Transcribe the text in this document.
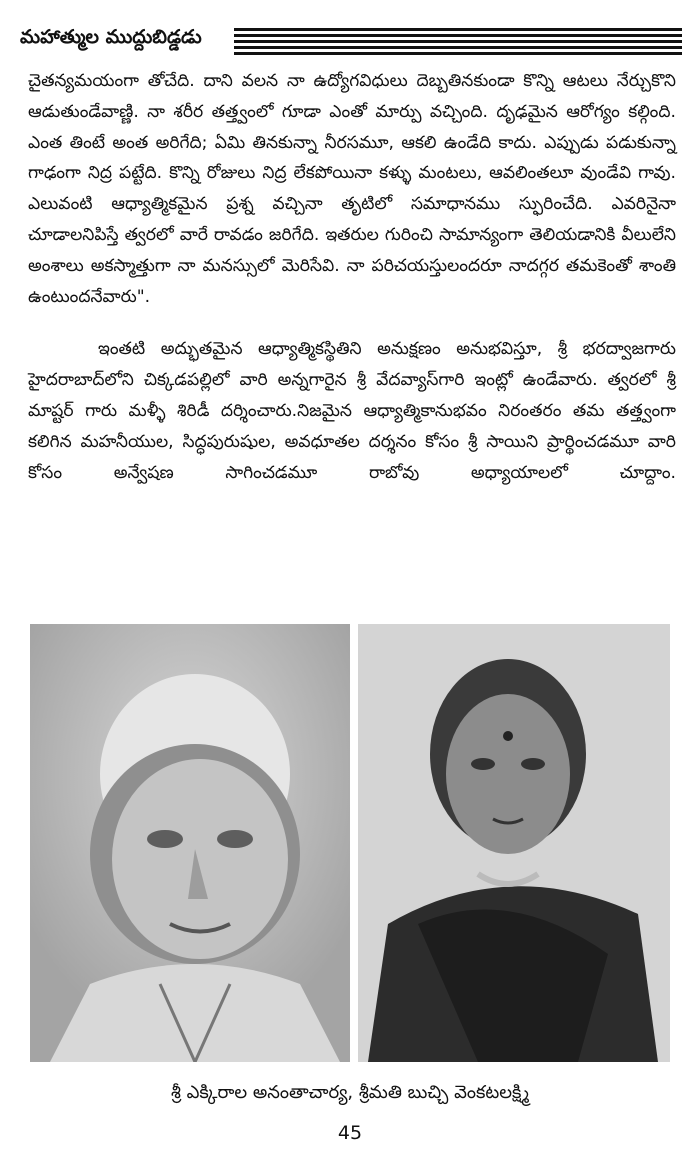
మహాత్ముల ముద్దుబిడ్డడు

చైతన్యమయంగా తోచేది. దాని వలన నా ఉద్యోగవిధులు దెబ్బతినకుండా కొన్ని ఆటలు నేర్చుకొని ఆడుతుండేవాణ్ణి. నా శరీర తత్త్వంలో గూడా ఎంతో మార్పు వచ్చింది. దృఢమైన ఆరోగ్యం కల్గింది. ఎంత తింటే అంత అరిగేది; ఏమి తినకున్నా నీరసమూ, ఆకలి ఉండేది కాదు. ఎప్పుడు పడుకున్నా గాఢంగా నిద్ర పట్టేది. కొన్ని రోజులు నిద్ర లేకపోయినా కళ్ళు మంటలు, ఆవలింతలూ వుండేవి గావు. ఎలువంటి ఆధ్యాత్మికమైన ప్రశ్న వచ్చినా తృటిలో సమాధానము స్ఫురించేది. ఎవరినైనా చూడాలనిపిస్తే త్వరలో వారే రావడం జరిగేది. ఇతరుల గురించి సామాన్యంగా తెలియడానికి వీలులేని అంశాలు అకస్మాత్తుగా నా మనస్సులో మెరిసేవి. నా పరిచయస్తులందరూ నాదగ్గర తమకెంతో శాంతి ఉంటుందనేవారు".

ఇంతటి అద్భుతమైన ఆధ్యాత్మికస్థితిని అనుక్షణం అనుభవిస్తూ, శ్రీ భరద్వాజగారు హైదరాబాద్‌లోని చిక్కడపల్లిలో వారి అన్నగారైన శ్రీ వేదవ్యాస్‌గారి ఇంట్లో ఉండేవారు. త్వరలో శ్రీ మాష్టర్ గారు మళ్ళీ శిరిడీ దర్శించారు.నిజమైన ఆధ్యాత్మికానుభవం నిరంతరం తమ తత్త్వంగా కలిగిన మహనీయుల, సిద్ధపురుషుల, అవధూతల దర్శనం కోసం శ్రీ సాయిని ప్రార్థించడమూ వారి కోసం అన్వేషణ సాగించడమూ రాబోవు అధ్యాయాలలో చూద్దాం.

శ్రీ ఎక్కిరాల అనంతాచార్య, శ్రీమతి బుచ్చి వెంకటలక్ష్మి
45
